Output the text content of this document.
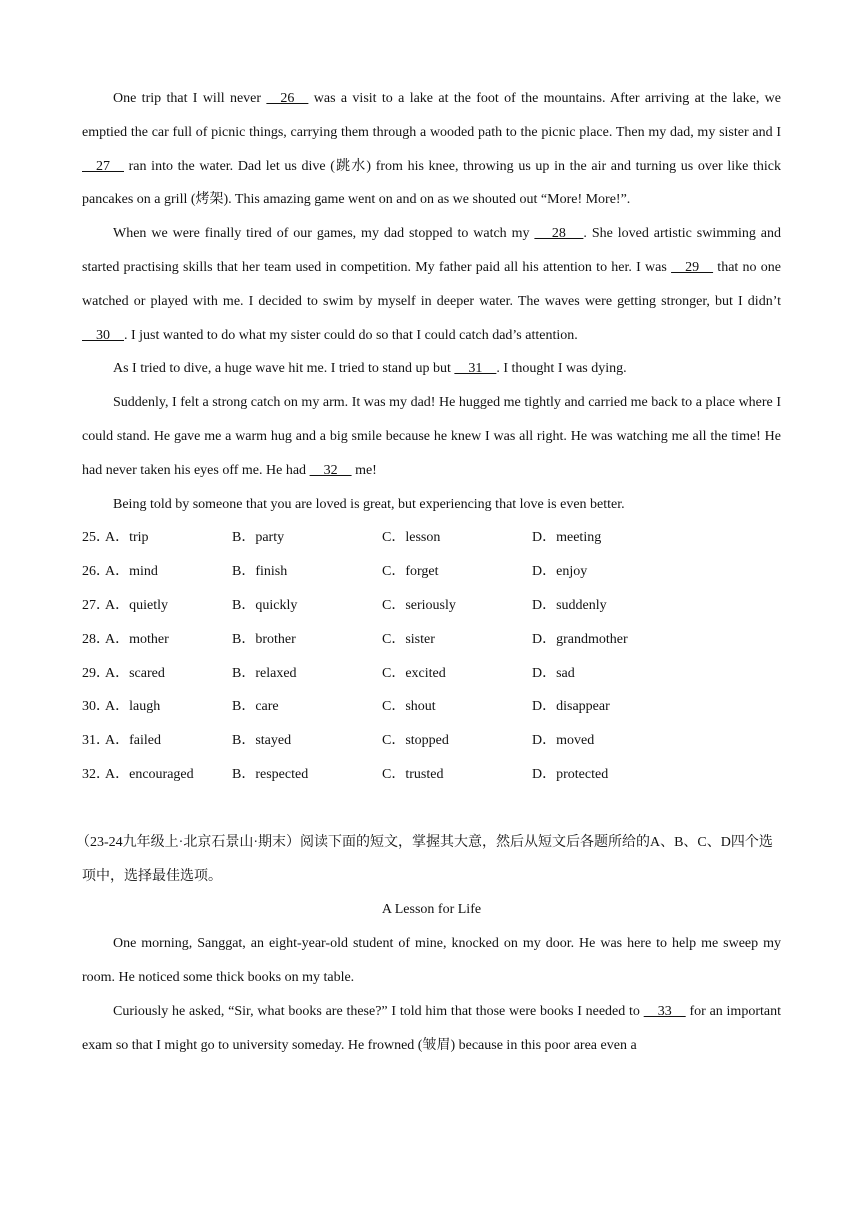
One trip that I will never     26     was a visit to a lake at the foot of the mountains. After arriving at the lake, we emptied the car full of picnic things, carrying them through a wooded path to the picnic place. Then my dad, my sister and I     27     ran into the water. Dad let us dive (跳水) from his knee, throwing us up in the air and turning us over like thick pancakes on a grill (烤架). This amazing game went on and on as we shouted out “More! More!”.

When we were finally tired of our games, my dad stopped to watch my      28     . She loved artistic swimming and started practising skills that her team used in competition. My father paid all his attention to her. I was     29     that no one watched or played with me. I decided to swim by myself in deeper water. The waves were getting stronger, but I didn’t     30    . I just wanted to do what my sister could do so that I could catch dad’s attention.

As I tried to dive, a huge wave hit me. I tried to stand up but     31    . I thought I was dying.

Suddenly, I felt a strong catch on my arm. It was my dad! He hugged me tightly and carried me back to a place where I could stand. He gave me a warm hug and a big smile because he knew I was all right. He was watching me all the time! He had never taken his eyes off me. He had     32     me!

Being told by someone that you are loved is great, but experiencing that love is even better.

25．
A．trip	B．party	C．lesson	D．meeting
26．
A．mind	B．finish	C．forget	D．enjoy
27．
A．quietly	B．quickly	C．seriously	D．suddenly
28．
A．mother	B．brother	C．sister	D．grandmother
29．
A．scared	B．relaxed	C．excited	D．sad
30．
A．laugh	B．care	C．shout	D．disappear
31．
A．failed	B．stayed	C．stopped	D．moved
32．
A．encouraged	B．respected	C．trusted	D．protected

（23-24九年级上·北京石景山·期末）阅读下面的短文，掌握其大意，然后从短文后各题所给的A、B、C、D四个选项中，选择最佳选项。

A Lesson for Life

One morning, Sanggat, an eight-year-old student of mine, knocked on my door. He was here to help me sweep my room. He noticed some thick books on my table.

Curiously he asked, “Sir, what books are these?” I told him that those were books I needed to     33     for an important exam so that I might go to university someday. He frowned (皱眉) because in this poor area even a
